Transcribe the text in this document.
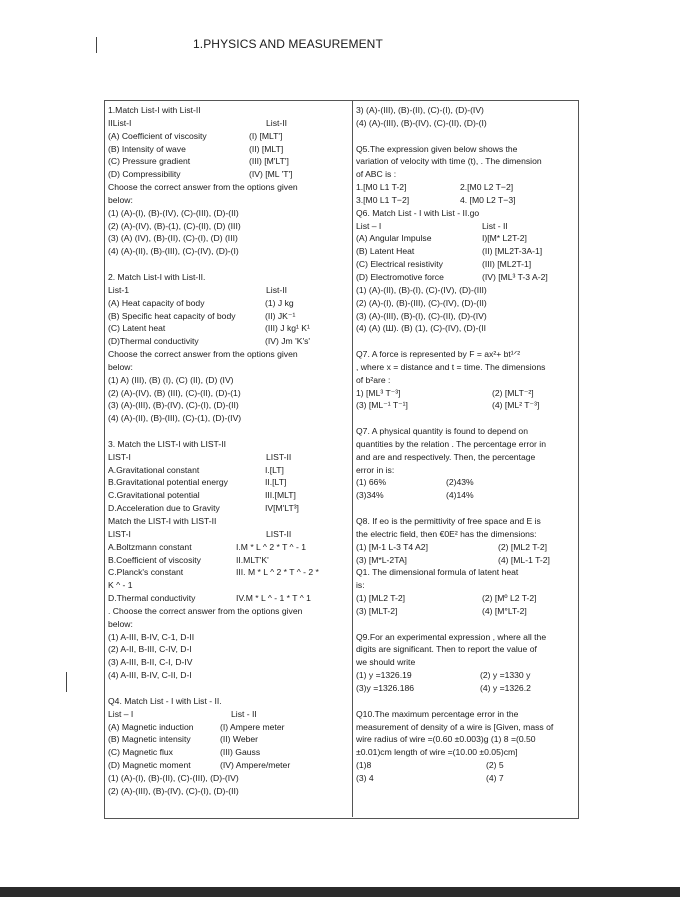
1.PHYSICS AND MEASUREMENT
1.Match List-I with List-II
IIList-I	List-II
(A) Coefficient of viscosity	(I) [MLT']
(B) Intensity of wave	(II) [MLT]
(C) Pressure gradient	(III) [M'LT']
(D) Compressibility	(IV) [ML 'T']
Choose the correct answer from the options given
below:
(1) (A)-(I), (B)-(IV), (C)-(III), (D)-(II)
(2) (A)-(IV), (B)-(1), (C)-(II), (D) (III)
(3) (A) (IV), (B)-(II), (C)-(I), (D) (III)
(4) (A)-(II), (B)-(III), (C)-(IV), (D)-(I)
2. Match List-I with List-II.
List-1	List-II
(A) Heat capacity of body	(1) J kg
(B) Specific heat capacity of body	(II) JK⁻¹
(C) Latent heat	(III) J kg¹ K¹
(D)Thermal conductivity	(IV) Jm 'K's'
Choose the correct answer from the options given
below:
(1) A) (III), (B) (I), (C) (II), (D) (IV)
(2) (A)-(IV), (B) (III), (C)-(II), (D)-(1)
(3) (A)-(III), (B)-(IV), (C)-(I), (D)-(II)
(4) (A)-(II), (B)-(III), (C)-(1), (D)-(IV)
3. Match the LIST-I with LIST-II
LIST-I	LIST-II
A.Gravitational constant	I.[LT]
B.Gravitational potential energy	II.[LT]
C.Gravitational potential	III.[MLT]
D.Acceleration due to Gravity	IV[M'LT³]
Match the LIST-I with LIST-II
LIST-I	LIST-II
A.Boltzmann constant	I.M * L ^ 2 * T ^ - 1
B.Coefficient of viscosity	II.MLT'K'
C.Planck's constant	III. M * L ^ 2 * T ^ - 2 *
K ^ - 1
D.Thermal conductivity	IV.M * L ^ - 1 * T ^ 1
. Choose the correct answer from the options given
below:
(1) A-III, B-IV, C-1, D-II
(2) A-II, B-III, C-IV, D-I
(3) A-III, B-II, C-I, D-IV
(4) A-III, B-IV, C-II, D-I
Q4. Match List - I with List - II.
List – I	List - II
(A) Magnetic induction	(I) Ampere meter
(B) Magnetic intensity	(II) Weber
(C) Magnetic flux	(III) Gauss
(D) Magnetic moment	(IV) Ampere/meter
(1) (A)-(I), (B)-(II), (C)-(III), (D)-(IV)
(2) (A)-(III), (B)-(IV), (C)-(I), (D)-(II)
3) (A)-(III), (B)-(II), (C)-(I), (D)-(IV)
(4) (A)-(III), (B)-(IV), (C)-(II), (D)-(I)
Q5.The expression given below shows the
variation of velocity with time (t), . The dimension
of ABC is :
1.[M0 L1 T-2]	2.[M0 L2 T−2]
3.[M0 L1 T−2]	4. [M0 L2 T−3]
Q6. Match List - I with List - II.go
List – I	List - II
(A) Angular Impulse	I)[M* L2T-2]
(B) Latent Heat	(II) [ML2T-3A-1]
(C) Electrical resistivity	(III) [ML2T-1]
(D) Electromotive force	(IV) [ML³ T-3 A-2]
(1) (A)-(II), (B)-(I), (C)-(IV), (D)-(III)
(2) (A)-(I), (B)-(III), (C)-(IV), (D)-(II)
(3) (A)-(III), (B)-(I), (C)-(II), (D)-(IV)
(4) (A) (Ш). (B) (1), (C)-(IV), (D)-(II
Q7. A force is represented by F = ax²+ bt¹ᐟ²
, where x = distance and t = time. The dimensions
of b²are :
1) [ML³ T⁻³]	(2) [MLT⁻²]
(3) [ML⁻¹ T⁻¹]	(4) [ML² T⁻³]
Q7. A physical quantity is found to depend on
quantities by the relation . The percentage error in
and are and respectively. Then, the percentage
error in is:
(1) 66%	(2)43%
(3)34%	(4)14%
Q8. If eo is the permittivity of free space and E is
the electric field, then €0E² has the dimensions:
(1) [M-1 L-3 T4 A2]	(2) [ML2 T-2]
(3) [M*L-2TA]	(4) [ML-1 T-2]
Q1. The dimensional formula of latent heat
is:
(1) [ML2 T-2]	(2) [Mº L2 T-2]
(3) [MLT-2]	(4) [M°LT-2]
Q9.For an experimental expression , where all the
digits are significant. Then to report the value of
we should write
(1) y =1326.19	(2) y =1330 y
(3)y =1326.186	(4) y =1326.2
Q10.The maximum percentage error in the
measurement of density of a wire is [Given, mass of
wire radius of wire =(0.60 ±0.003)g (1) 8 =(0.50
±0.01)cm length of wire =(10.00 ±0.05)cm]
(1)8	(2) 5
(3) 4	(4) 7
